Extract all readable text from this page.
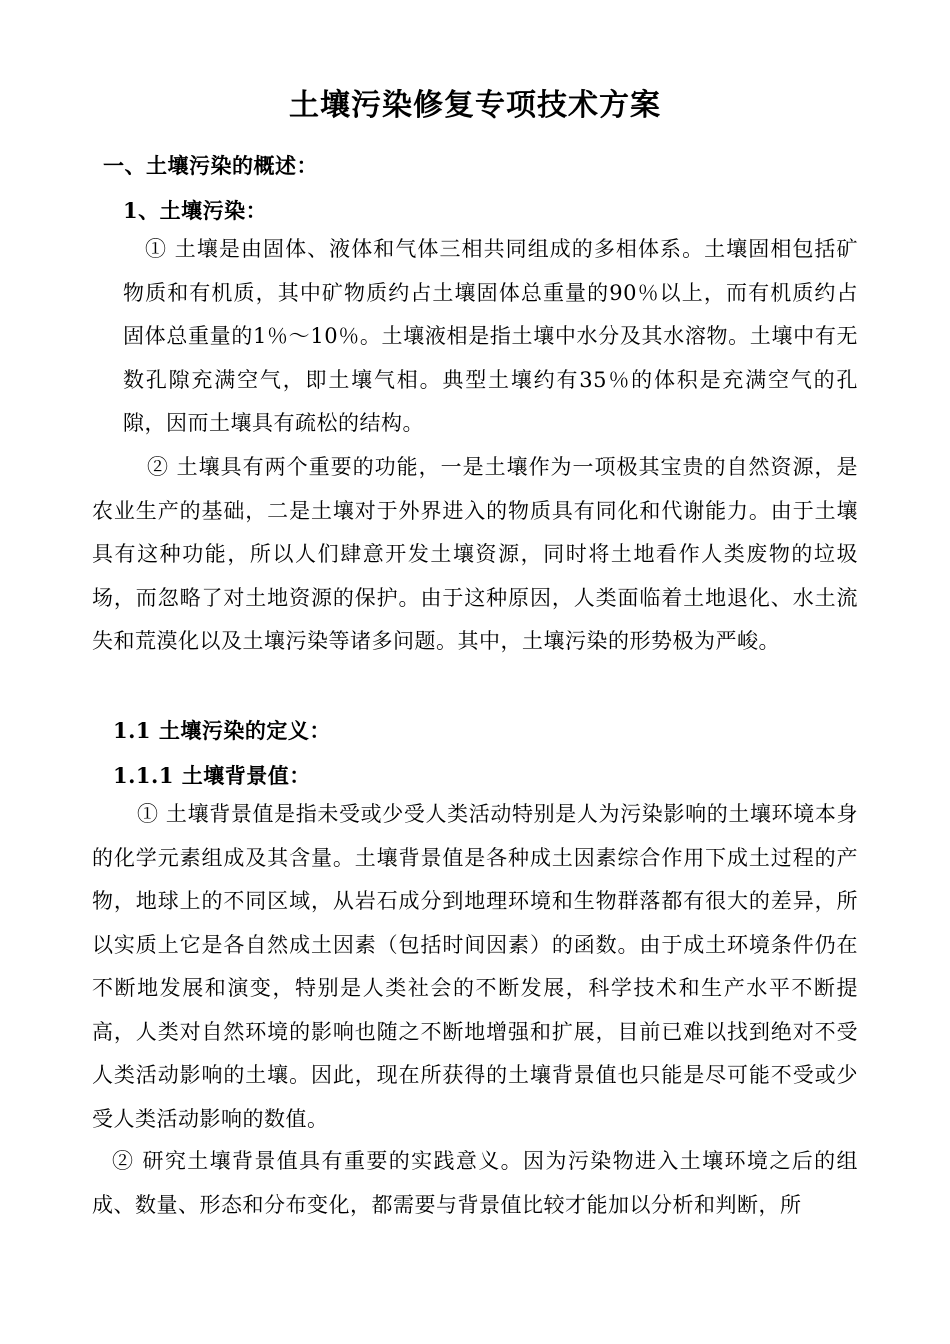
土壤污染修复专项技术方案
一、土壤污染的概述：
1、土壤污染：

① 土壤是由固体、液体和气体三相共同组成的多相体系。土壤固相包括矿物质和有机质，其中矿物质约占土壤固体总重量的90％以上，而有机质约占固体总重量的1％～10％。土壤液相是指土壤中水分及其水溶物。土壤中有无数孔隙充满空气，即土壤气相。典型土壤约有35％的体积是充满空气的孔隙，因而土壤具有疏松的结构。

② 土壤具有两个重要的功能，一是土壤作为一项极其宝贵的自然资源，是农业生产的基础，二是土壤对于外界进入的物质具有同化和代谢能力。由于土壤具有这种功能，所以人们肆意开发土壤资源，同时将土地看作人类废物的垃圾场，而忽略了对土地资源的保护。由于这种原因，人类面临着土地退化、水土流失和荒漠化以及土壤污染等诸多问题。其中，土壤污染的形势极为严峻。

1.1 土壤污染的定义：
1.1.1 土壤背景值：

① 土壤背景值是指未受或少受人类活动特别是人为污染影响的土壤环境本身的化学元素组成及其含量。土壤背景值是各种成土因素综合作用下成土过程的产物，地球上的不同区域，从岩石成分到地理环境和生物群落都有很大的差异，所以实质上它是各自然成土因素（包括时间因素）的函数。由于成土环境条件仍在不断地发展和演变，特别是人类社会的不断发展，科学技术和生产水平不断提高，人类对自然环境的影响也随之不断地增强和扩展，目前已难以找到绝对不受人类活动影响的土壤。因此，现在所获得的土壤背景值也只能是尽可能不受或少受人类活动影响的数值。

② 研究土壤背景值具有重要的实践意义。因为污染物进入土壤环境之后的组成、数量、形态和分布变化，都需要与背景值比较才能加以分析和判断，所
